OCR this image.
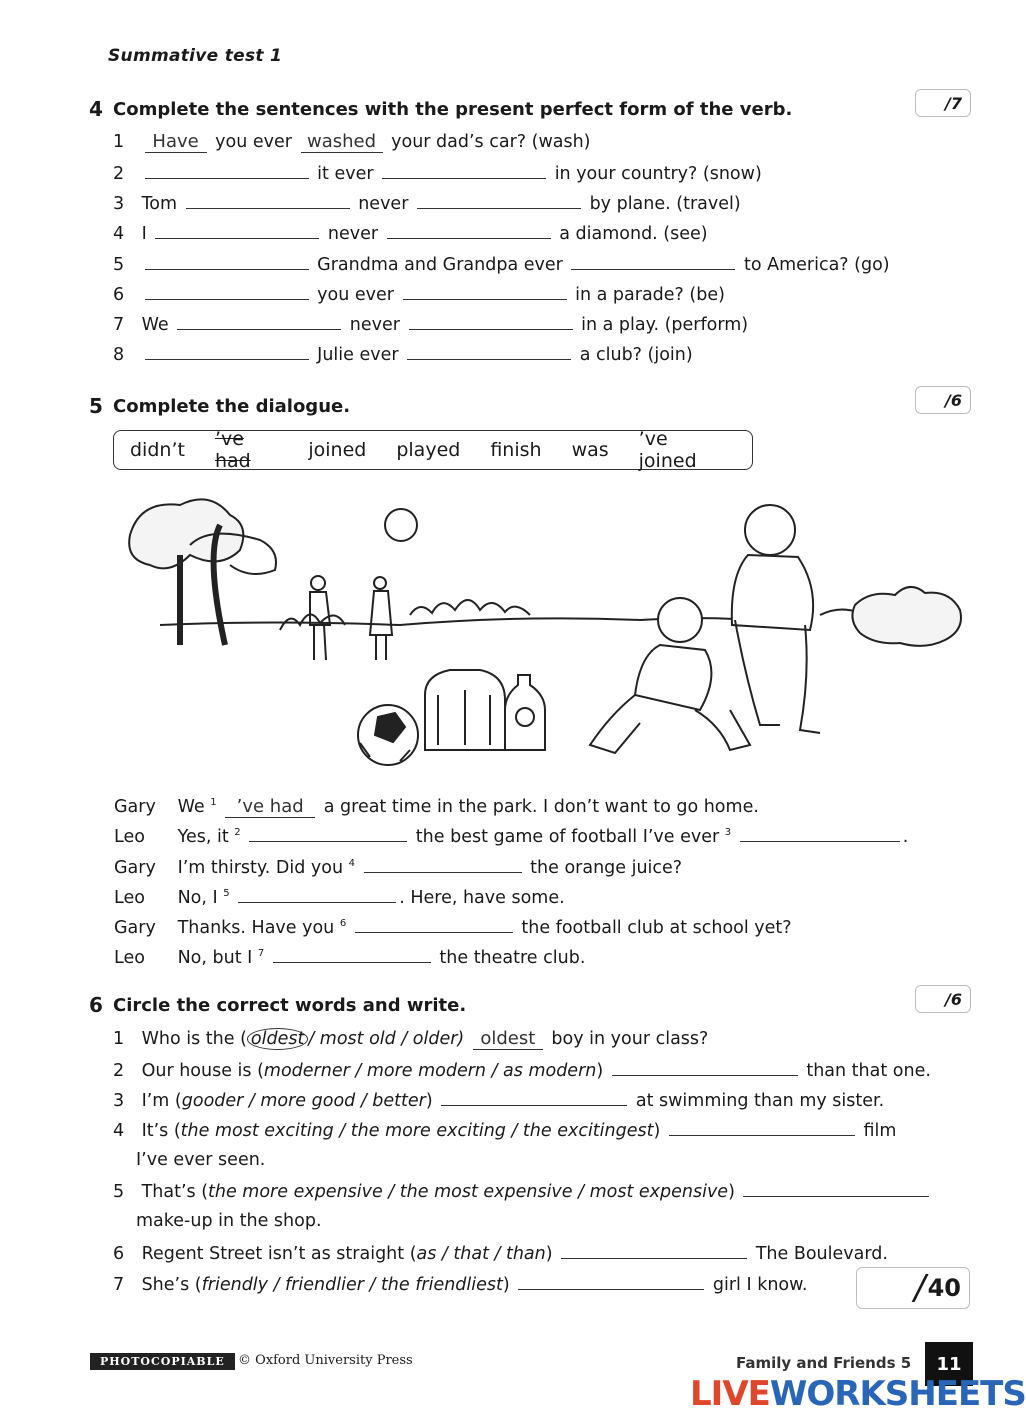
Summative test 1
4 Complete the sentences with the present perfect form of the verb.	/7
1 Have you ever washed your dad’s car? (wash)
2	it ever	in your country? (snow)
3 Tom	never	by plane. (travel)
4 I	never	a diamond. (see)
5	Grandma and Grandpa ever	to America? (go)
6	you ever	in a parade? (be)
7 We	never	in a play. (perform)
8	Julie ever	a club? (join)
5 Complete the dialogue.	/6
didn’t ’ve had	joined played finish was ’ve joined
Gary We $^1$ ’ve had a great time in the park. I don’t want to go home.
Leo Yes, it $^2$	the best game of football I’ve ever $^3$	.
Gary I’m thirsty. Did you $^4$	the orange juice?
Leo No, I $^5$	. Here, have some.
Gary Thanks. Have you $^6$	the football club at school yet?
Leo No, but I $^7$	the theatre club.
6 Circle the correct words and write.	/6
1 Who is the ( oldest / most old / older) oldest boy in your class?
2 Our house is (moderner / more modern / as modern)	than that one.
3 I’m (gooder / more good / better)	at swimming than my sister.
4 It’s (the most exciting / the more exciting / the excitingest)	film
I’ve ever seen.
5 That’s (the more expensive / the most expensive / most expensive)
make-up in the shop.
6 Regent Street isn’t as straight (as / that / than)	The Boulevard.
7 She’s (friendly / friendlier / the friendliest)	girl I know.	/ 40
PHOTOCOPIABLE	© Oxford University Press	Family and Friends 5	11
LIVEWORKSHEETS
